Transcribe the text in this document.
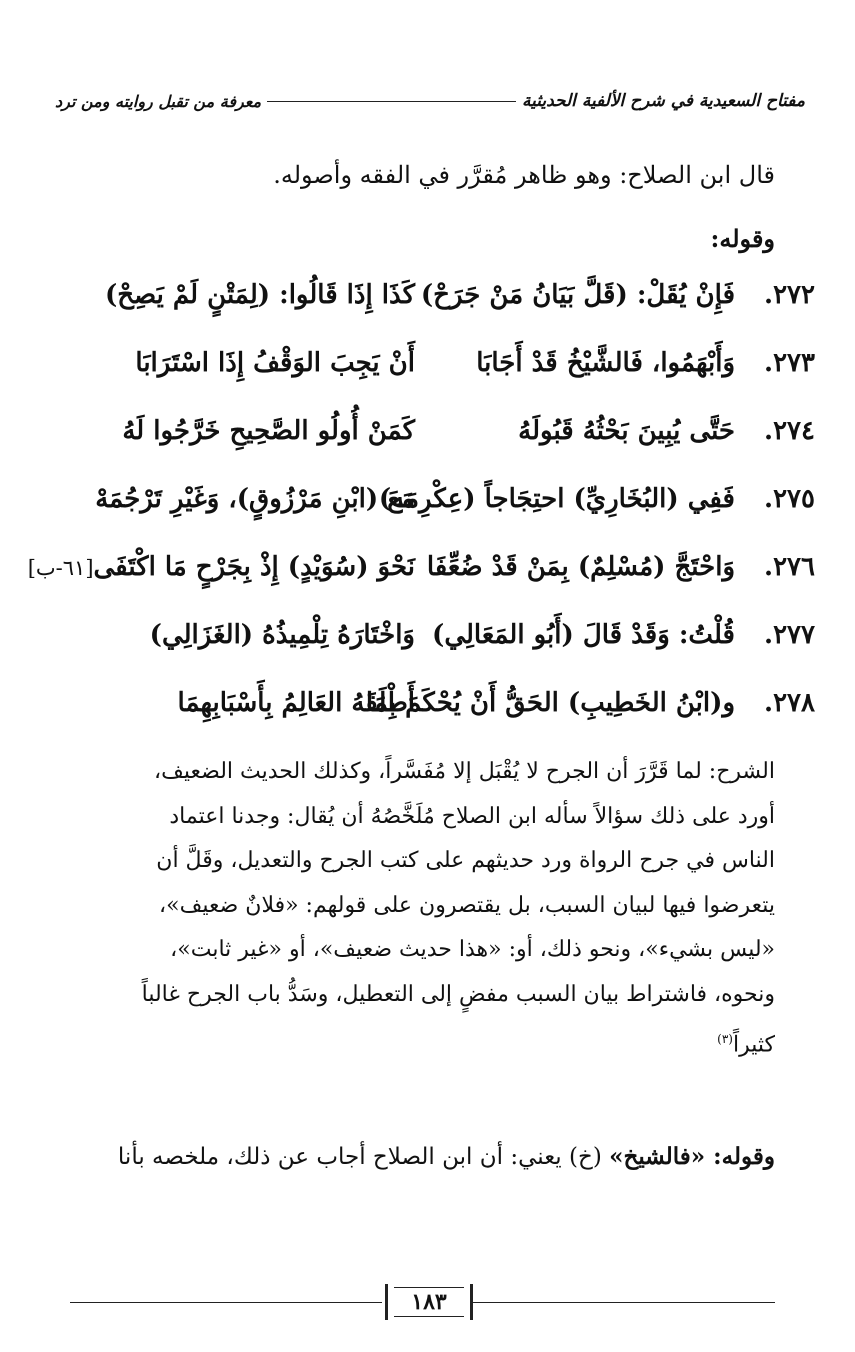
مفتاح السعيدية في شرح الألفية الحديثية
معرفة من تقبل روايته ومن ترد
قال ابن الصلاح: وهو ظاهر مُقرَّر في الفقه وأصوله.
وقوله:
٢٧٢.
فَإِنْ يُقَلْ: (قَلَّ بَيَانُ مَنْ جَرَحْ)
كَذَا إِذَا قَالُوا: (لِمَتْنٍ لَمْ يَصِحْ)
٢٧٣.
وَأَبْهَمُوا، فَالشَّيْخُ قَدْ أَجَابَا
أَنْ يَجِبَ الوَقْفُ إِذَا اسْتَرَابَا
٢٧٤.
حَتَّى يُبِينَ بَحْثُهُ قَبُولَهُ
كَمَنْ أُولُو الصَّحِيحِ خَرَّجُوا لَهُ
٢٧٥.
فَفِي (البُخَارِيِّ) احتِجَاجاً (عِكْرِمَه)
مَعَ (ابْنِ مَرْزُوقٍ)، وَغَيْرِ تَرْجُمَهْ
٢٧٦.
وَاحْتَجَّ (مُسْلِمٌ) بِمَنْ قَدْ ضُعِّفَا
نَحْوَ (سُوَيْدٍ) إِذْ بِجَرْحٍ مَا اكْتَفَى[٦١-ب]
٢٧٧.
قُلْتُ: وَقَدْ قَالَ (أَبُو المَعَالِي)
وَاخْتَارَهُ تِلْمِيذُهُ (الغَزَالِي)
٢٧٨.
و(ابْنُ الخَطِيبِ) الحَقُّ أَنْ يُحْكَمَ بِمَا
أَطْلَقَهُ العَالِمُ بِأَسْبَابِهِمَا
الشرح: لما قَرَّرَ أن الجرح لا يُقْبَل إلا مُفَسَّراً، وكذلك الحديث الضعيف،
أورد على ذلك سؤالاً سأله ابن الصلاح مُلَخَّصُهُ أن يُقال: وجدنا اعتماد
الناس في جرح الرواة ورد حديثهم على كتب الجرح والتعديل، وقَلَّ أن
يتعرضوا فيها لبيان السبب، بل يقتصرون على قولهم: «فلانٌ ضعيف»،
«ليس بشيء»، ونحو ذلك، أو: «هذا حديث ضعيف»، أو «غير ثابت»،
ونحوه، فاشتراط بيان السبب مفضٍ إلى التعطيل، وسَدُّ باب الجرح غالباً
كثيراً$^{(٣)}$
وقوله: «فالشيخ» (خ) يعني: أن ابن الصلاح أجاب عن ذلك، ملخصه بأنا
١٨٣
